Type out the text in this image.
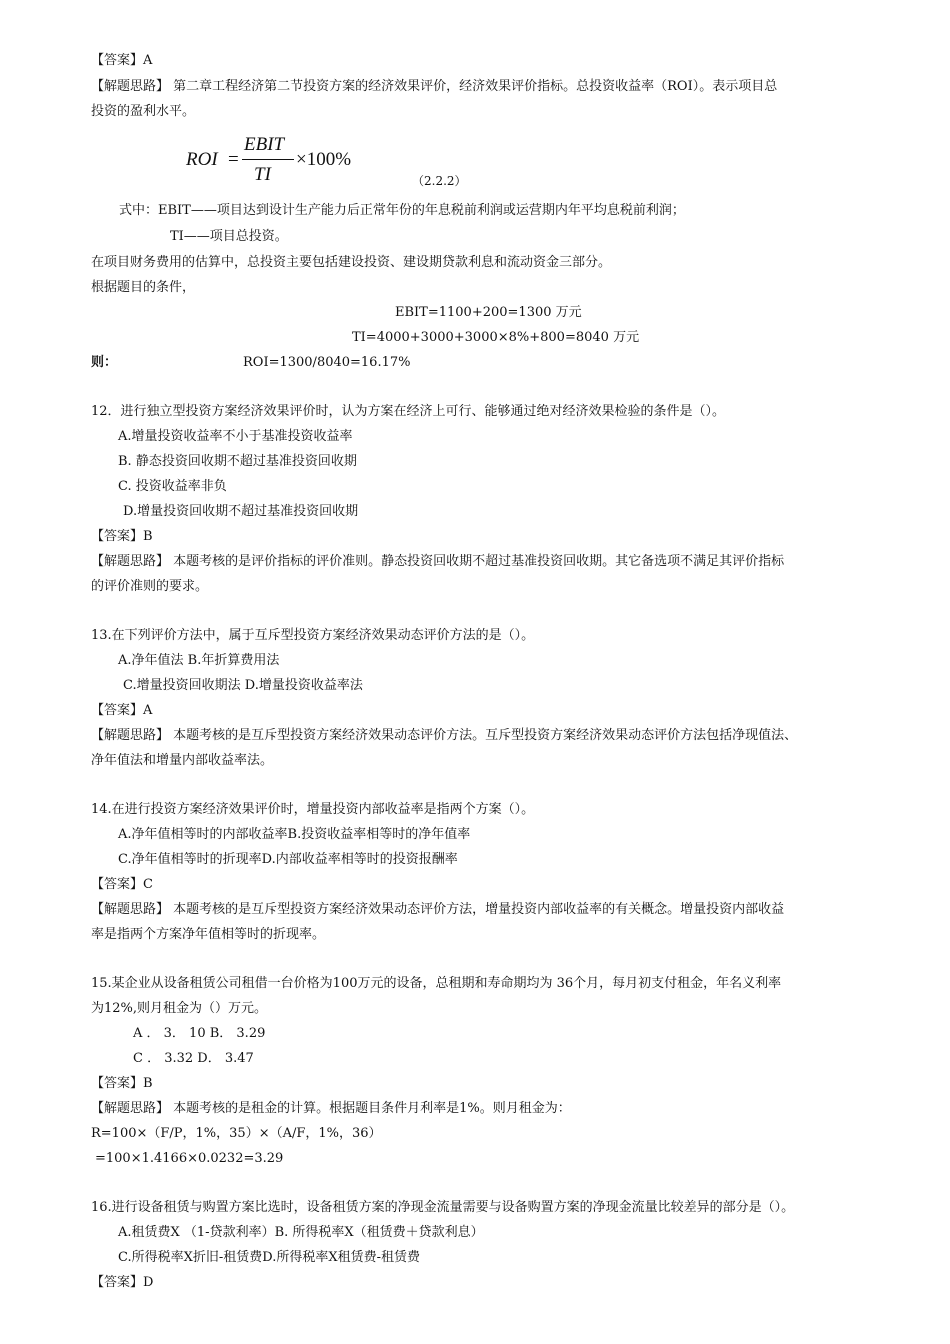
【答案】A
【解题思路】 第二章工程经济第二节投资方案的经济效果评价，经济效果评价指标。总投资收益率（ROI）。表示项目总
投资的盈利水平。
ROI =
EBIT
TI
×100%
（2.2.2）
式中：EBIT——项目达到设计生产能力后正常年份的年息税前利润或运营期内年平均息税前利润；
TI——项目总投资。
在项目财务费用的估算中，总投资主要包括建设投资、建设期贷款利息和流动资金三部分。
根据题目的条件，
EBIT=1100+200=1300 万元
TI=4000+3000+3000×8%+800=8040 万元
则：	ROI=1300/8040=16.17%
12．进行独立型投资方案经济效果评价时，认为方案在经济上可行、能够通过绝对经济效果检验的条件是（）。
A.增量投资收益率不小于基准投资收益率
B. 静态投资回收期不超过基准投资回收期
C. 投资收益率非负
D.增量投资回收期不超过基准投资回收期
【答案】B
【解题思路】 本题考核的是评价指标的评价准则。静态投资回收期不超过基准投资回收期。其它备选项不满足其评价指标
的评价准则的要求。
13.在下列评价方法中，属于互斥型投资方案经济效果动态评价方法的是（）。
A.净年值法 B.年折算费用法
C.增量投资回收期法 D.增量投资收益率法
【答案】A
【解题思路】 本题考核的是互斥型投资方案经济效果动态评价方法。互斥型投资方案经济效果动态评价方法包括净现值法、
净年值法和增量内部收益率法。
14.在进行投资方案经济效果评价时，增量投资内部收益率是指两个方案（）。
A.净年值相等时的内部收益率B.投资收益率相等时的净年值率
C.净年值相等时的折现率D.内部收益率相等时的投资报酬率
【答案】C
【解题思路】 本题考核的是互斥型投资方案经济效果动态评价方法，增量投资内部收益率的有关概念。增量投资内部收益
率是指两个方案净年值相等时的折现率。
15.某企业从设备租赁公司租借一台价格为100万元的设备，总租期和寿命期均为 36个月，每月初支付租金，年名义利率
为12%,则月租金为（）万元。
A ． 3． 10 B． 3.29
C ． 3.32 D． 3.47
【答案】B
【解题思路】 本题考核的是租金的计算。根据题目条件月利率是1%。则月租金为：
R=100×（F/P，1%，35）×（A/F，1%，36）
=100×1.4166×0.0232=3.29
16.进行设备租赁与购置方案比选时，设备租赁方案的净现金流量需要与设备购置方案的净现金流量比较差异的部分是（）。
A.租赁费X （1-贷款利率）B. 所得税率X（租赁费＋贷款利息）
C.所得税率X折旧-租赁费D.所得税率X租赁费-租赁费
【答案】D
